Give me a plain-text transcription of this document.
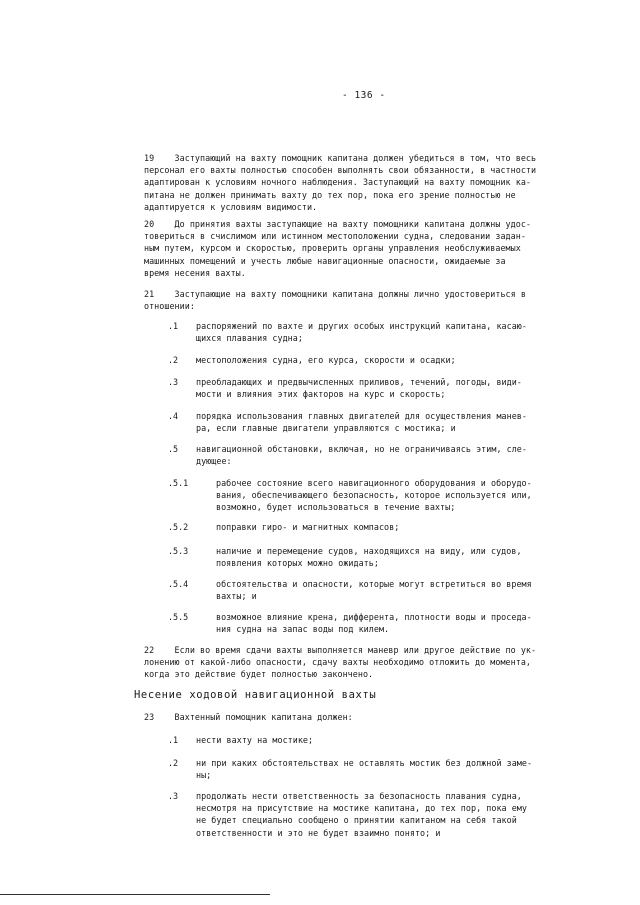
- 136 -
19    Заступающий на вахту помощник капитана должен убедиться в том, что весь
персонал его вахты полностью способен выполнять свои обязанности, в частности
адаптирован к условиям ночного наблюдения. Заступающий на вахту помощник ка-
питана не должен принимать вахту до тех пор, пока его зрение полностью не
адаптируется к условиям видимости.
20    До принятия вахты заступающие на вахту помощники капитана должны удос-
товериться в счислимом или истинном местоположении судна, следовании задан-
ным путем, курсом и скоростью, проверить органы управления необслуживаемых
машинных помещений и учесть любые навигационные опасности, ожидаемые за
время несения вахты.
21    Заступающие на вахту помощники капитана должны лично удостовериться в
отношении:
.1 распоряжений по вахте и других особых инструкций капитана, касаю-
щихся плавания судна;
.2 местоположения судна, его курса, скорости и осадки;
.3 преобладающих и предвычисленных приливов, течений, погоды, види-
мости и влияния этих факторов на курс и скорость;
.4 порядка использования главных двигателей для осуществления манев-
ра, если главные двигатели управляются с мостика; и
.5 навигационной обстановки, включая, но не ограничиваясь этим, сле-
дующее:
.5.1	рабочее состояние всего навигационного оборудования и оборудо-
вания, обеспечивающего безопасность, которое используется или,
возможно, будет использоваться в течение вахты;
.5.2	поправки гиро- и магнитных компасов;
.5.3	наличие и перемещение судов, находящихся на виду, или судов,
появления которых можно ожидать;
.5.4	обстоятельства и опасности, которые могут встретиться во время
вахты; и
.5.5	возможное влияние крена, дифферента, плотности воды и проседа-
ния судна на запас воды под килем.
22    Если во время сдачи вахты выполняется маневр или другое действие по ук-
лонению от какой-либо опасности, сдачу вахты необходимо отложить до момента,
когда это действие будет полностью закончено.
Несение ходовой навигационной вахты
23    Вахтенный помощник капитана должен:
.1 нести вахту на мостике;
.2 ни при каких обстоятельствах не оставлять мостик без должной заме-
ны;
.3 продолжать нести ответственность за безопасность плавания судна,
несмотря на присутствие на мостике капитана, до тех пор, пока ему
не будет специально сообщено о принятии капитаном на себя такой
ответственности и это не будет взаимно понято; и
